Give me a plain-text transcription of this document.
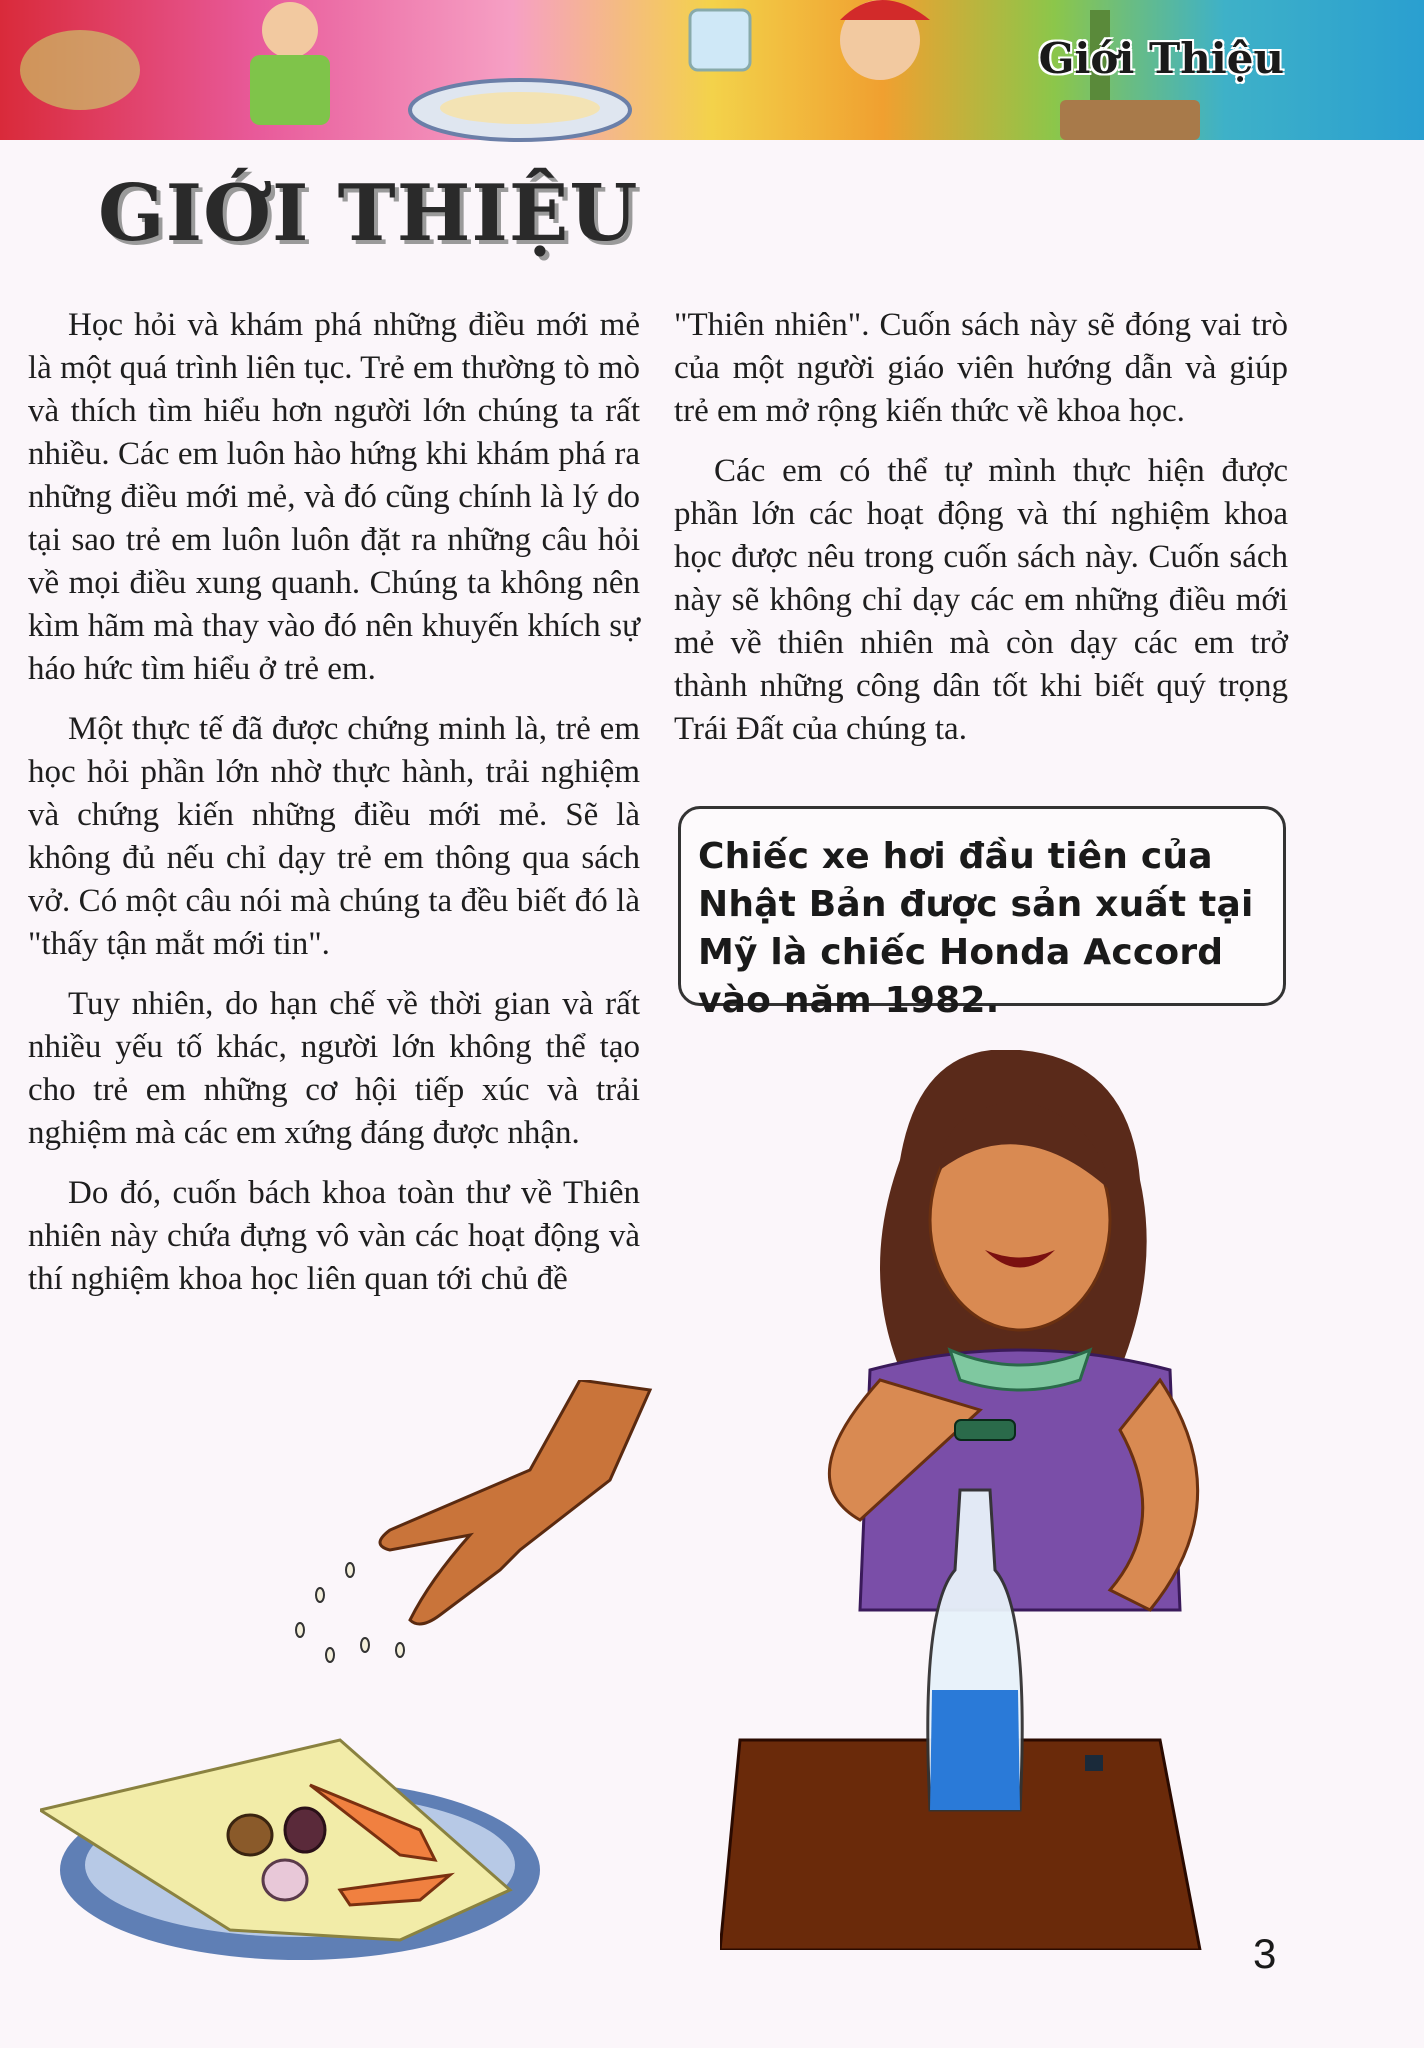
Giới Thiệu
GIỚI THIỆU

Học hỏi và khám phá những điều mới mẻ là một quá trình liên tục. Trẻ em thường tò mò và thích tìm hiểu hơn người lớn chúng ta rất nhiều. Các em luôn hào hứng khi khám phá ra những điều mới mẻ, và đó cũng chính là lý do tại sao trẻ em luôn luôn đặt ra những câu hỏi về mọi điều xung quanh. Chúng ta không nên kìm hãm mà thay vào đó nên khuyến khích sự háo hức tìm hiểu ở trẻ em.

Một thực tế đã được chứng minh là, trẻ em học hỏi phần lớn nhờ thực hành, trải nghiệm và chứng kiến những điều mới mẻ. Sẽ là không đủ nếu chỉ dạy trẻ em thông qua sách vở. Có một câu nói mà chúng ta đều biết đó là "thấy tận mắt mới tin".

Tuy nhiên, do hạn chế về thời gian và rất nhiều yếu tố khác, người lớn không thể tạo cho trẻ em những cơ hội tiếp xúc và trải nghiệm mà các em xứng đáng được nhận.

Do đó, cuốn bách khoa toàn thư về Thiên nhiên này chứa đựng vô vàn các hoạt động và thí nghiệm khoa học liên quan tới chủ đề

"Thiên nhiên". Cuốn sách này sẽ đóng vai trò của một người giáo viên hướng dẫn và giúp trẻ em mở rộng kiến thức về khoa học.

Các em có thể tự mình thực hiện được phần lớn các hoạt động và thí nghiệm khoa học được nêu trong cuốn sách này. Cuốn sách này sẽ không chỉ dạy các em những điều mới mẻ về thiên nhiên mà còn dạy các em trở thành những công dân tốt khi biết quý trọng Trái Đất của chúng ta.

Chiếc xe hơi đầu tiên của Nhật Bản được sản xuất tại Mỹ là chiếc Honda Accord vào năm 1982.
3
